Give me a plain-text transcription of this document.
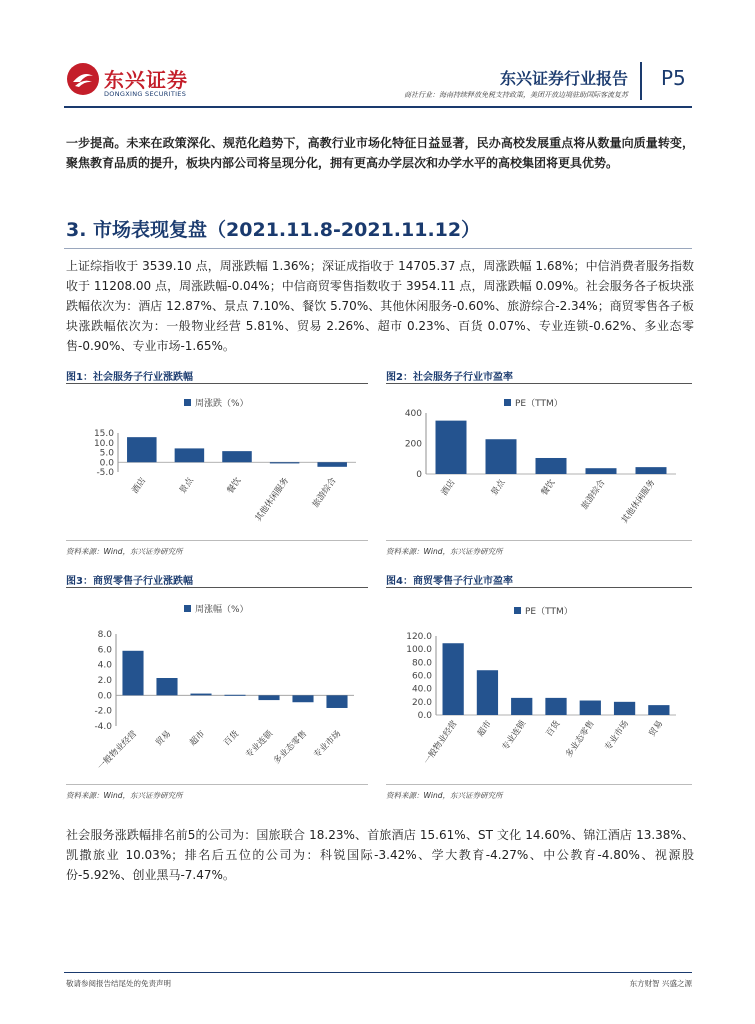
东兴证券
DONGXING SECURITIES
东兴证券行业报告
商社行业：海南持续释放免税支持政策，美团开放边境驻助国际客流复苏
P5
一步提高。未来在政策深化、规范化趋势下，高教行业市场化特征日益显著，民办高校发展重点将从数量向质量转变，聚焦教育品质的提升，板块内部公司将呈现分化，拥有更高办学层次和办学水平的高校集团将更具优势。
3. 市场表现复盘（2021.11.8-2021.11.12）
上证综指收于 3539.10 点，周涨跌幅 1.36%；深证成指收于 14705.37 点，周涨跌幅 1.68%；中信消费者服务指数收于 11208.00 点，周涨跌幅-0.04%；中信商贸零售指数收于 3954.11 点，周涨跌幅 0.09%。社会服务各子板块涨跌幅依次为：酒店 12.87%、景点 7.10%、餐饮 5.70%、其他休闲服务-0.60%、旅游综合-2.34%；商贸零售各子板块涨跌幅依次为：一般物业经营 5.81%、贸易 2.26%、超市 0.23%、百货 0.07%、专业连锁-0.62%、多业态零售-0.90%、专业市场-1.65%。
图1：社会服务子行业涨跌幅
周涨跌（%）
15.0
10.0
5.0
0.0
-5.0
酒店	景点	餐饮 其他休闲服务 旅游综合
资料来源：Wind，东兴证券研究所
图2：社会服务子行业市盈率
PE（TTM）
400
200
0
酒店	景点	餐饮	旅游综合 其他休闲服务
资料来源：Wind，东兴证券研究所
图3：商贸零售子行业涨跌幅
周涨幅（%）
8.0
6.0
4.0
2.0
0.0
-2.0
-4.0
一般物业经营 贸易 超市 百货 专业连锁
多业态零售 专业市场
资料来源：Wind，东兴证券研究所
图4：商贸零售子行业市盈率
PE（TTM）
120.0
100.0
80.0
60.0
40.0
20.0
0.0
一般物业经营 超市 专业连锁 百货 多业态零售 专业市场 贸易
资料来源：Wind，东兴证券研究所
社会服务涨跌幅排名前5的公司为：国旅联合 18.23%、首旅酒店 15.61%、ST 文化 14.60%、锦江酒店 13.38%、凯撒旅业 10.03%；排名后五位的公司为：科锐国际-3.42%、学大教育-4.27%、中公教育-4.80%、视源股份-5.92%、创业黑马-7.47%。
敬请参阅报告结尾处的免责声明	东方财智 兴盛之源
